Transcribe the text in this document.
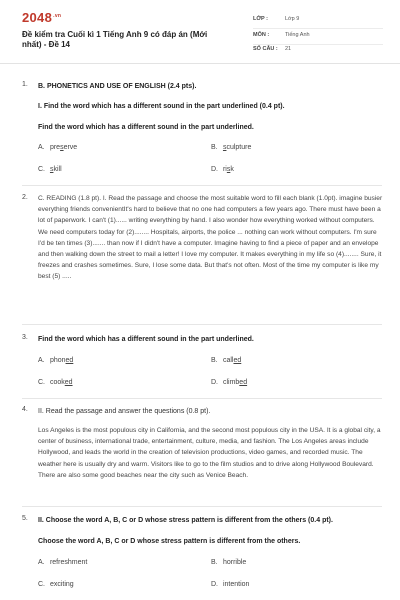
$2048^{.vn}$
Đề kiểm tra Cuối kì 1 Tiếng Anh 9 có đáp án (Mới nhất) - Đề 14
LỚP :	Lớp 9
MÔN :	Tiếng Anh
SỐ CÂU : 21
1. B. PHONETICS AND USE OF ENGLISH (2.4 pts).
I. Find the word which has a different sound in the part underlined (0.4 pt).
Find the word which has a different sound in the part underlined.
A. preserve	B. sculpture
C. skill	D. risk
2. C. READING (1.8 pt). I. Read the passage and choose the most suitable word to fill each blank (1.0pt). imagine busier everything friends convenientIt's hard to believe that no one had computers a few years ago. There must have been a lot of paperwork. I can't (1)...... writing everything by hand. I also wonder how everything worked without computers. We need computers today for (2)........ Hospitals, airports, the police ... nothing can work without computers. I'm sure I'd be ten times (3)....... than now if I didn't have a computer. Imagine having to find a piece of paper and an envelope and then walking down the street to mail a letter! I love my computer. It makes everything in my life so (4)........ Sure, it freezes and crashes sometimes. Sure, I lose some data. But that's not often. Most of the time my computer is like my best (5) .....
3. Find the word which has a different sound in the part underlined.
A. phoned	B. called
C. cooked	D. climbed
4. II. Read the passage and answer the questions (0.8 pt).
Los Angeles is the most populous city in California, and the second most populous city in the USA. It is a global city, a center of business, international trade, entertainment, culture, media, and fashion. The Los Angeles areas include Hollywood, and leads the world in the creation of television productions, video games, and recorded music. The weather here is usually dry and warm. Visitors like to go to the film studios and to drive along Hollywood Boulevard. There are also some good beaches near the city such as Venice Beach.
5. II. Choose the word A, B, C or D whose stress pattern is different from the others (0.4 pt).
Choose the word A, B, C or D whose stress pattern is different from the others.
A. refreshment	B. horrible
C. exciting	D. intention
